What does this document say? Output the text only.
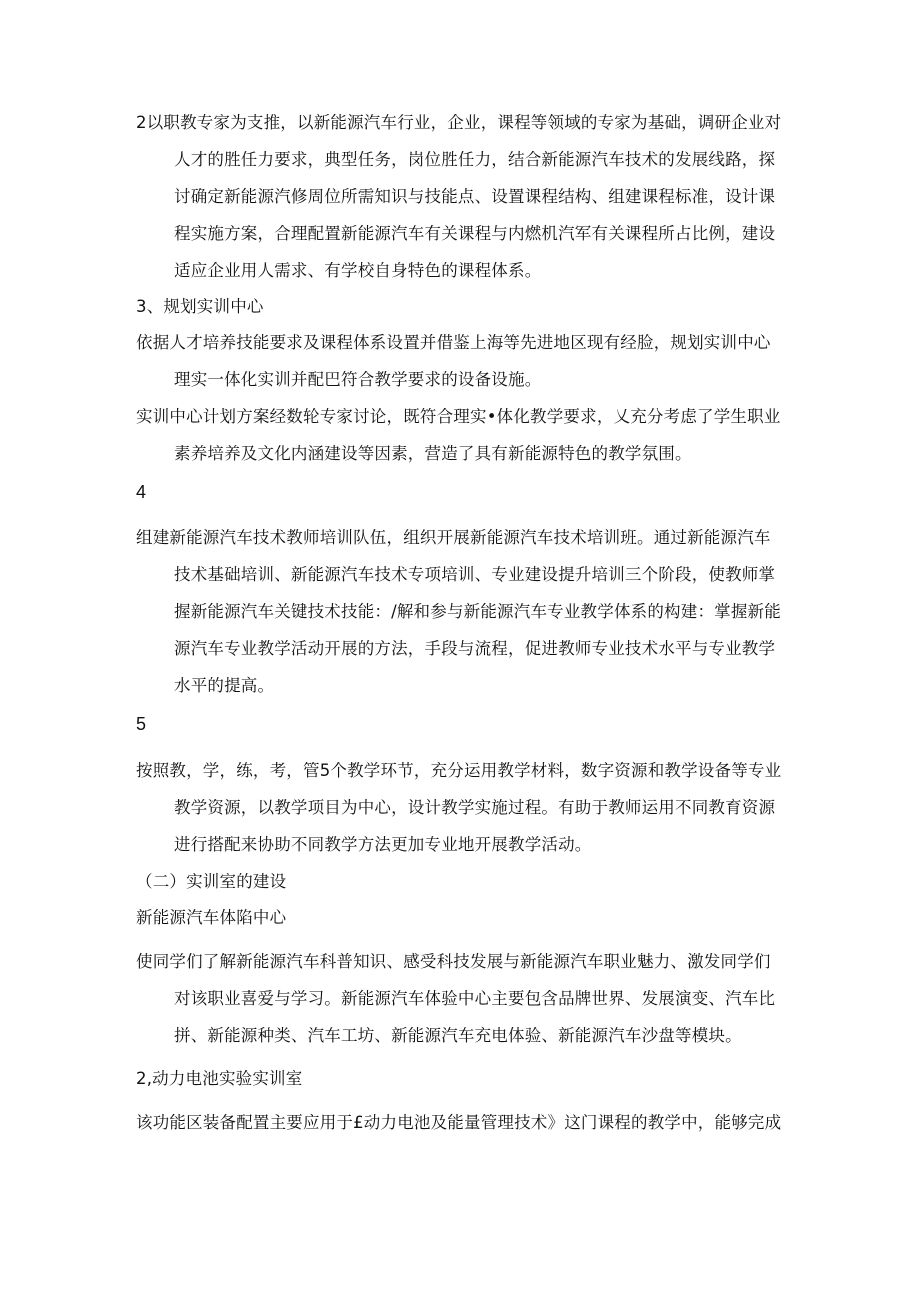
2以职教专家为支推，以新能源汽车行业，企业，课程等领域的专家为基础，调研企业对
人才的胜任力要求，典型任务，岗位胜任力，结合新能源汽车技术的发展线路，探
讨确定新能源汽修周位所需知识与技能点、设置课程结构、组建课程标准，设计课
程实施方案，合理配置新能源汽车有关课程与内燃机汽军有关课程所占比例，建设
适应企业用人需求、有学校自身特色的课程体系。
3、规划实训中心
依据人才培养技能要求及课程体系设置并借鉴上海等先进地区现有经脸，规划实训中心
理实一体化实训并配巴符合教学要求的设备设施。
实训中心计划方案经数轮专家讨论，既符合理实•体化教学要求，乂充分考虑了学生职业
素养培养及文化内涵建设等因素，营造了具有新能源特色的教学氛围。
4
组建新能源汽车技术教师培训队伍，组织开展新能源汽车技术培训班。通过新能源汽车
技术基础培训、新能源汽车技术专项培训、专业建设提升培训三个阶段，使教师掌
握新能源汽车关键技术技能：/解和参与新能源汽车专业教学体系的构建：掌握新能
源汽车专业教学活动开展的方法，手段与流程，促进教师专业技术水平与专业教学
水平的提高。
5
按照教，学，练，考，管5个教学环节，充分运用教学材料，数字资源和教学设备等专业
教学资源，以教学项目为中心，设计教学实施过程。有助于教师运用不同教育资源
进行搭配来协助不同教学方法更加专业地开展教学活动。
（二）实训室的建设
新能源汽车体陷中心
使同学们了解新能源汽车科普知识、感受科技发展与新能源汽车职业魅力、激发同学们
对该职业喜爱与学习。新能源汽车体验中心主要包含品牌世界、发展演变、汽车比
拼、新能源种类、汽车工坊、新能源汽车充电体验、新能源汽车沙盘等模块。
2,动力电池实验实训室
该功能区装备配置主要应用于£动力电池及能量管理技术》这门课程的教学中，能够完成
